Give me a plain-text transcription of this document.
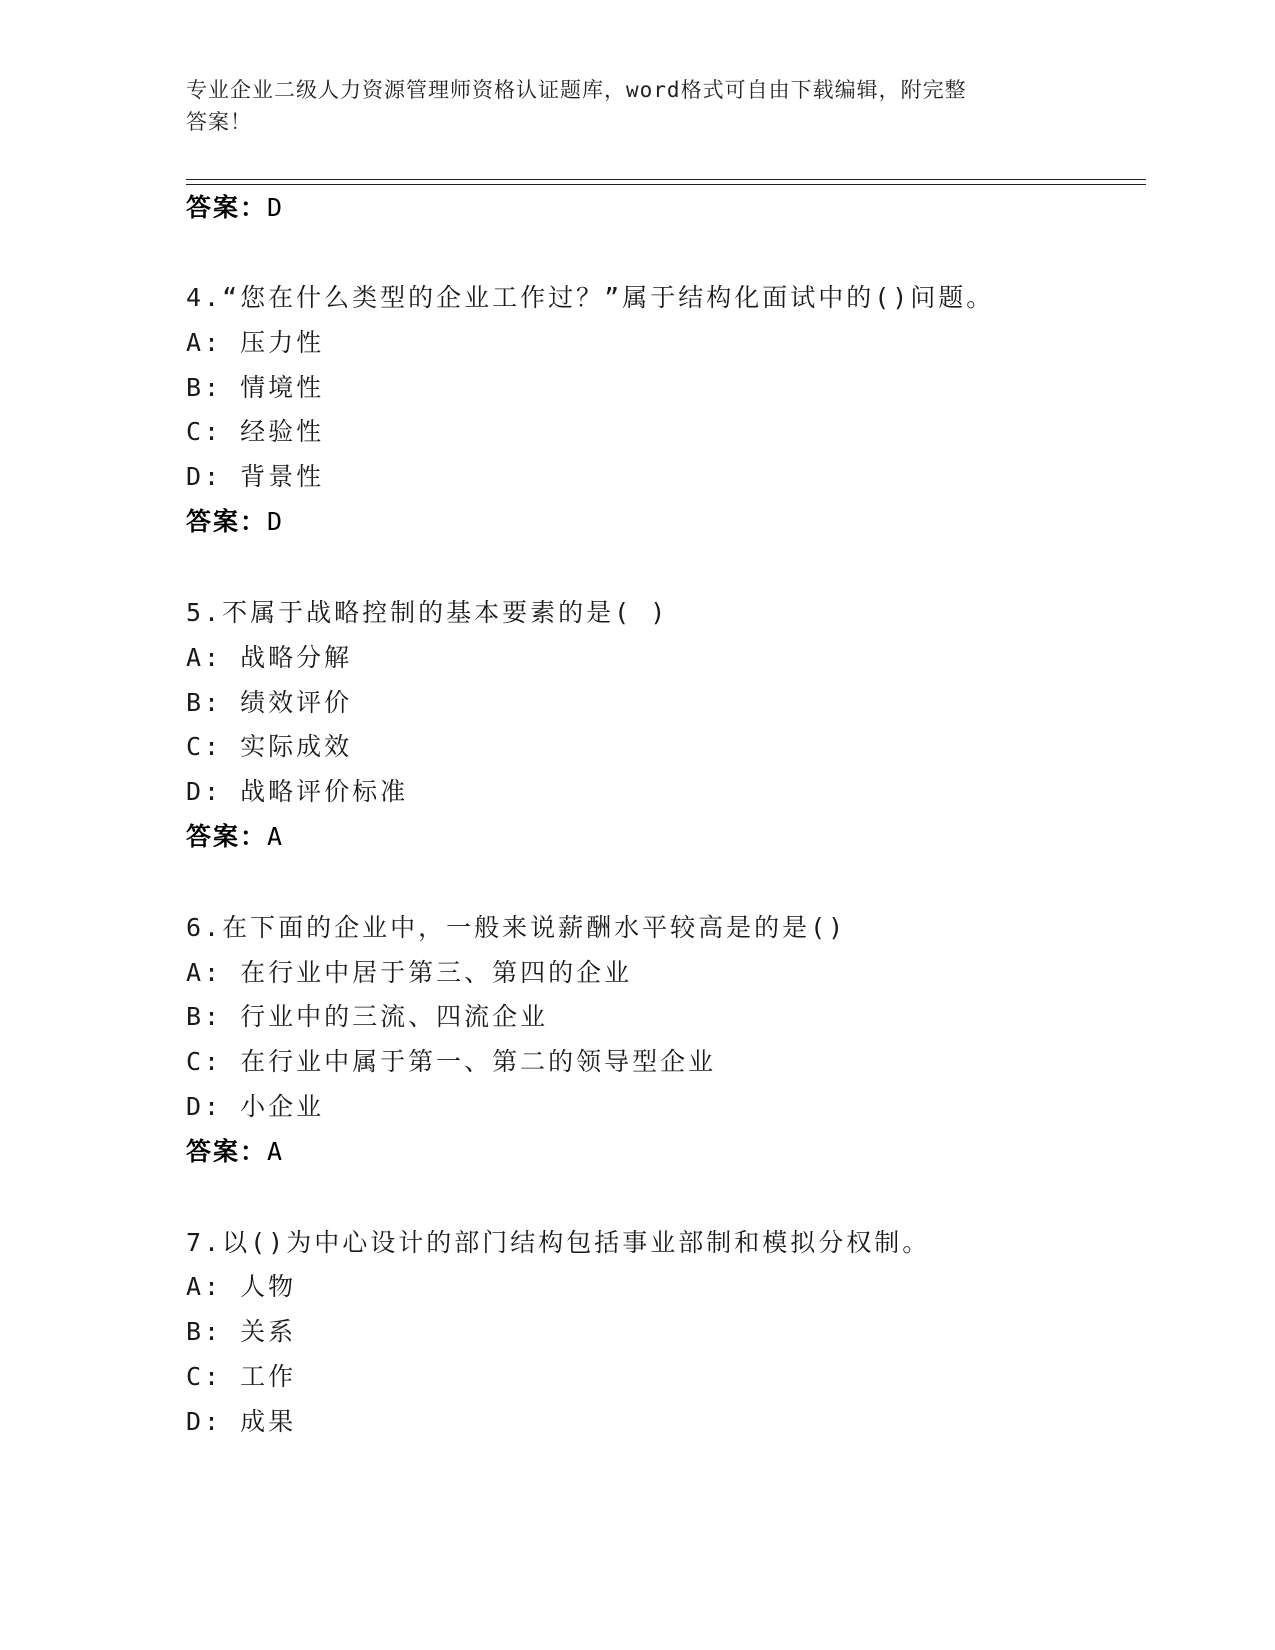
专业企业二级人力资源管理师资格认证题库，word格式可自由下载编辑，附完整
答案！
答案：D
4.“您在什么类型的企业工作过？”属于结构化面试中的()问题。
A: 压力性
B: 情境性
C: 经验性
D: 背景性
答案：D
5.不属于战略控制的基本要素的是( )
A: 战略分解
B: 绩效评价
C: 实际成效
D: 战略评价标准
答案：A
6.在下面的企业中，一般来说薪酬水平较高是的是()
A: 在行业中居于第三、第四的企业
B: 行业中的三流、四流企业
C: 在行业中属于第一、第二的领导型企业
D: 小企业
答案：A
7.以()为中心设计的部门结构包括事业部制和模拟分权制。
A: 人物
B: 关系
C: 工作
D: 成果
